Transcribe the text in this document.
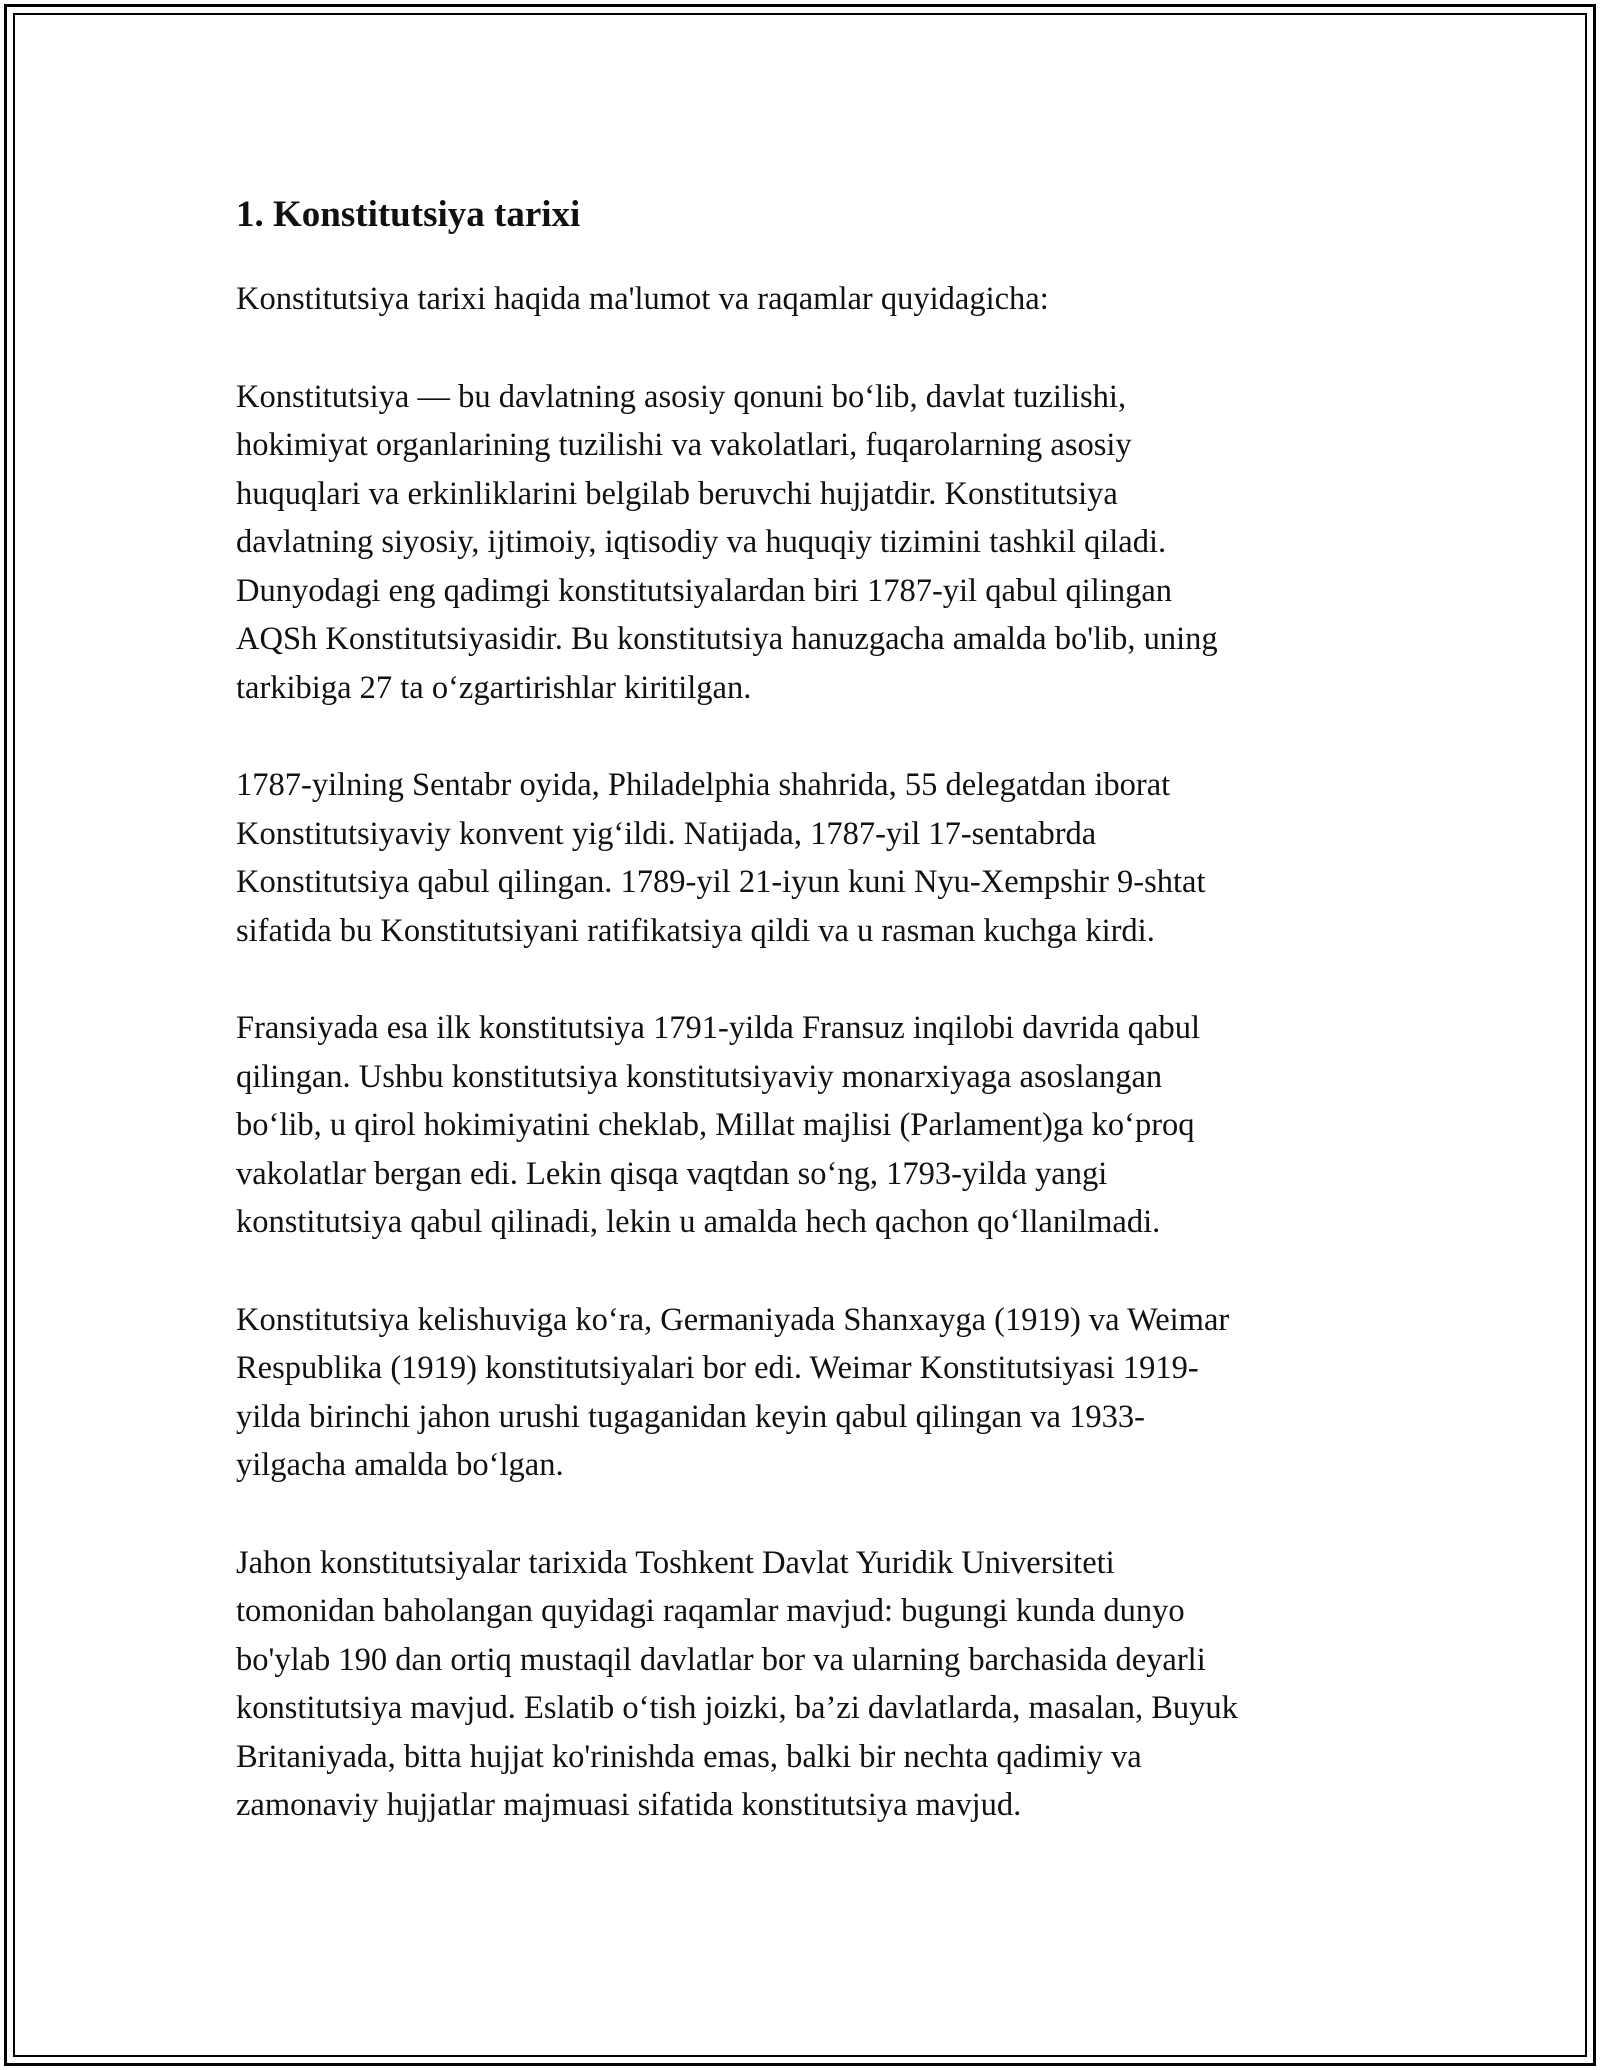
1. Konstitutsiya tarixi

Konstitutsiya tarixi haqida ma'lumot va raqamlar quyidagicha:

Konstitutsiya — bu davlatning asosiy qonuni bo‘lib, davlat tuzilishi,
hokimiyat organlarining tuzilishi va vakolatlari, fuqarolarning asosiy
huquqlari va erkinliklarini belgilab beruvchi hujjatdir. Konstitutsiya
davlatning siyosiy, ijtimoiy, iqtisodiy va huquqiy tizimini tashkil qiladi.
Dunyodagi eng qadimgi konstitutsiyalardan biri 1787-yil qabul qilingan
AQSh Konstitutsiyasidir. Bu konstitutsiya hanuzgacha amalda bo'lib, uning
tarkibiga 27 ta o‘zgartirishlar kiritilgan.

1787-yilning Sentabr oyida, Philadelphia shahrida, 55 delegatdan iborat
Konstitutsiyaviy konvent yig‘ildi. Natijada, 1787-yil 17-sentabrda
Konstitutsiya qabul qilingan. 1789-yil 21-iyun kuni Nyu-Xempshir 9-shtat
sifatida bu Konstitutsiyani ratifikatsiya qildi va u rasman kuchga kirdi.

Fransiyada esa ilk konstitutsiya 1791-yilda Fransuz inqilobi davrida qabul
qilingan. Ushbu konstitutsiya konstitutsiyaviy monarxiyaga asoslangan
bo‘lib, u qirol hokimiyatini cheklab, Millat majlisi (Parlament)ga ko‘proq
vakolatlar bergan edi. Lekin qisqa vaqtdan so‘ng, 1793-yilda yangi
konstitutsiya qabul qilinadi, lekin u amalda hech qachon qo‘llanilmadi.

Konstitutsiya kelishuviga ko‘ra, Germaniyada Shanxayga (1919) va Weimar
Respublika (1919) konstitutsiyalari bor edi. Weimar Konstitutsiyasi 1919-
yilda birinchi jahon urushi tugaganidan keyin qabul qilingan va 1933-
yilgacha amalda bo‘lgan.

Jahon konstitutsiyalar tarixida Toshkent Davlat Yuridik Universiteti
tomonidan baholangan quyidagi raqamlar mavjud: bugungi kunda dunyo
bo'ylab 190 dan ortiq mustaqil davlatlar bor va ularning barchasida deyarli
konstitutsiya mavjud. Eslatib o‘tish joizki, ba’zi davlatlarda, masalan, Buyuk
Britaniyada, bitta hujjat ko'rinishda emas, balki bir nechta qadimiy va
zamonaviy hujjatlar majmuasi sifatida konstitutsiya mavjud.
